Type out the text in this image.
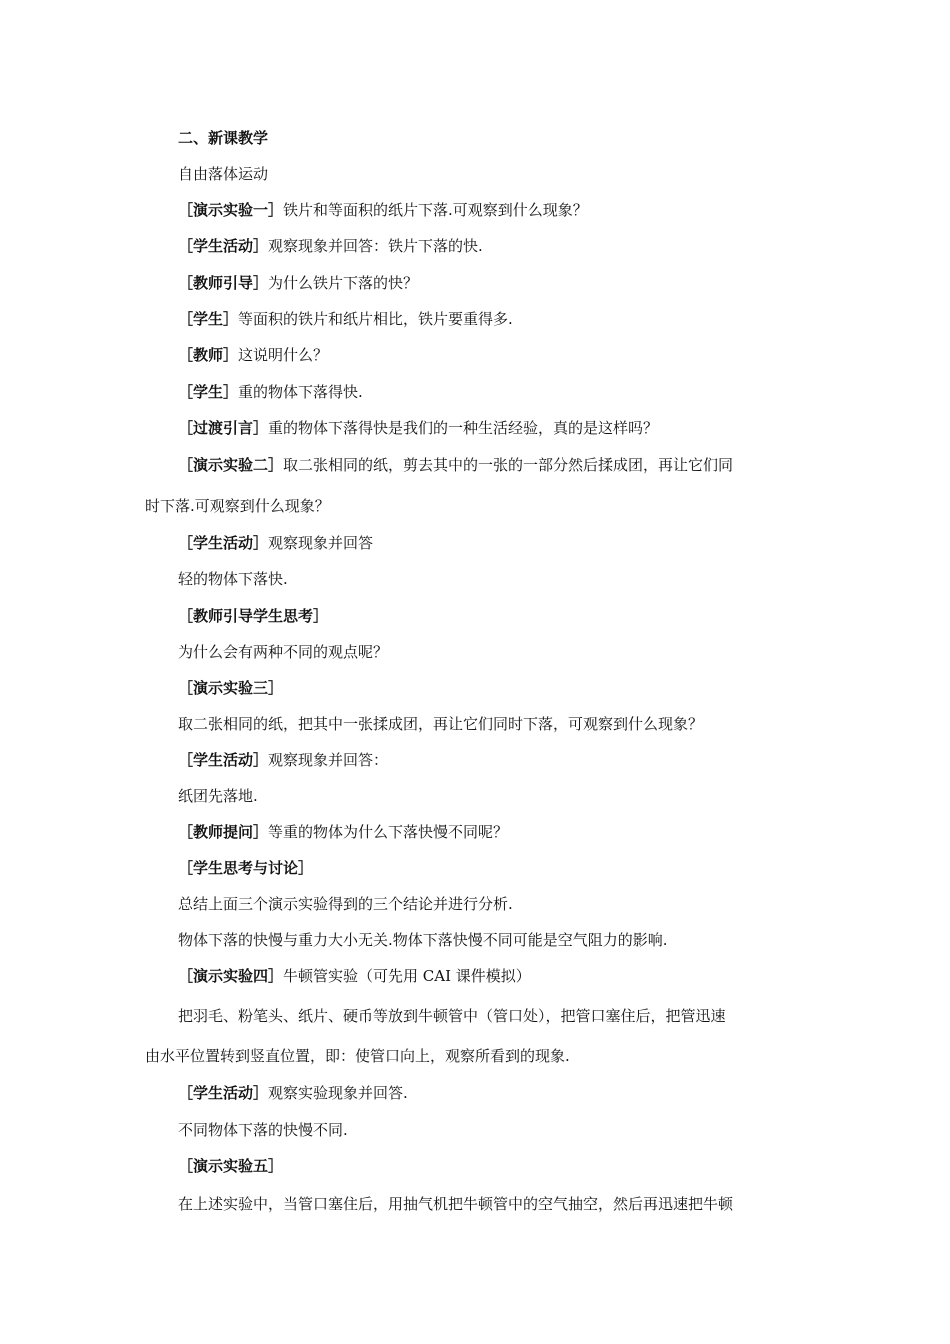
二、新课教学
自由落体运动
［演示实验一］铁片和等面积的纸片下落.可观察到什么现象？
［学生活动］观察现象并回答：铁片下落的快.
［教师引导］为什么铁片下落的快？
［学生］等面积的铁片和纸片相比，铁片要重得多.
［教师］这说明什么？
［学生］重的物体下落得快.
［过渡引言］重的物体下落得快是我们的一种生活经验，真的是这样吗？
［演示实验二］取二张相同的纸，剪去其中的一张的一部分然后揉成团，再让它们同
时下落.可观察到什么现象？
［学生活动］观察现象并回答
轻的物体下落快.
［教师引导学生思考］
为什么会有两种不同的观点呢？
［演示实验三］
取二张相同的纸，把其中一张揉成团，再让它们同时下落，可观察到什么现象？
［学生活动］观察现象并回答：
纸团先落地.
［教师提问］等重的物体为什么下落快慢不同呢？
［学生思考与讨论］
总结上面三个演示实验得到的三个结论并进行分析.
物体下落的快慢与重力大小无关.物体下落快慢不同可能是空气阻力的影响.
［演示实验四］牛顿管实验（可先用 CAI 课件模拟）
把羽毛、粉笔头、纸片、硬币等放到牛顿管中（管口处），把管口塞住后，把管迅速
由水平位置转到竖直位置，即：使管口向上，观察所看到的现象.
［学生活动］观察实验现象并回答.
不同物体下落的快慢不同.
［演示实验五］
在上述实验中，当管口塞住后，用抽气机把牛顿管中的空气抽空，然后再迅速把牛顿
